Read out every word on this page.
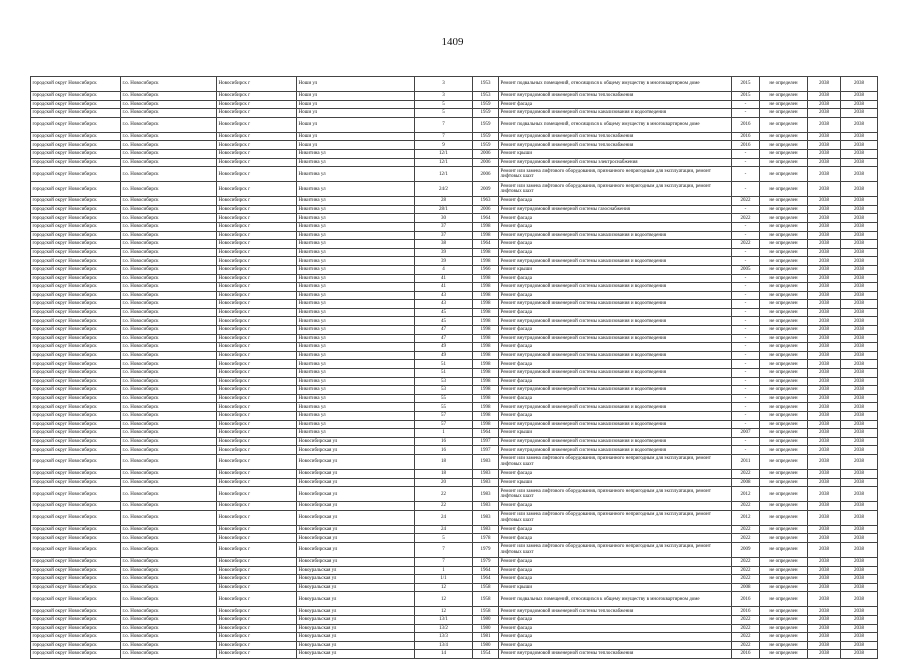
1409
городской округ Новосибирск	г.о. Новосибирск	Новосибирск г	Ноши ул	3	1953	Ремонт подвальных помещений, относящихся к общему имуществу в многоквартирном доме	2015	не определен	2038	2038
городской округ Новосибирск	г.о. Новосибирск	Новосибирск г	Ноши ул	3	1953	Ремонт внутридомовой инженерной системы теплоснабжения	2015	не определен	2038	2038
городской округ Новосибирск	г.о. Новосибирск	Новосибирск г	Ноши ул	5	1959	Ремонт фасада	-	не определен	2038	2038
городской округ Новосибирск	г.о. Новосибирск	Новосибирск г	Ноши ул	5	1959	Ремонт внутридомовой инженерной системы канализования и водоотведения	-	не определен	2038	2038
городской округ Новосибирск	г.о. Новосибирск	Новосибирск г	Ноши ул	7	1959	Ремонт подвальных помещений, относящихся к общему имуществу в многоквартирном доме	2016	не определен	2038	2038
городской округ Новосибирск	г.о. Новосибирск	Новосибирск г	Ноши ул	7	1959	Ремонт внутридомовой инженерной системы теплоснабжения	2016	не определен	2038	2038
городской округ Новосибирск	г.о. Новосибирск	Новосибирск г	Ноши ул	9	1959	Ремонт внутридомовой инженерной системы теплоснабжения	2016	не определен	2038	2038
городской округ Новосибирск	г.о. Новосибирск	Новосибирск г	Никитина ул	12/1	2006	Ремонт крыши	-	не определен	2038	2038
городской округ Новосибирск	г.о. Новосибирск	Новосибирск г	Никитина ул	12/1	2006	Ремонт внутридомовой инженерной системы электроснабжения	-	не определен	2038	2038
городской округ Новосибирск	г.о. Новосибирск	Новосибирск г	Никитина ул	12/1	2006	Ремонт или замена лифтового оборудования, признанного непригодным для эксплуатации, ремонт лифтовых шахт	-	не определен	2038	2038
городской округ Новосибирск	г.о. Новосибирск	Новосибирск г	Никитина ул	24/2	2009	Ремонт или замена лифтового оборудования, признанного непригодным для эксплуатации, ремонт лифтовых шахт	-	не определен	2038	2038
городской округ Новосибирск	г.о. Новосибирск	Новосибирск г	Никитина ул	28	1963	Ремонт фасада	2022	не определен	2038	2038
городской округ Новосибирск	г.о. Новосибирск	Новосибирск г	Никитина ул	28/1	2006	Ремонт внутридомовой инженерной системы газоснабжения	-	не определен	2038	2038
городской округ Новосибирск	г.о. Новосибирск	Новосибирск г	Никитина ул	30	1964	Ремонт фасада	2022	не определен	2038	2038
городской округ Новосибирск	г.о. Новосибирск	Новосибирск г	Никитина ул	37	1998	Ремонт фасада	-	не определен	2038	2038
городской округ Новосибирск	г.о. Новосибирск	Новосибирск г	Никитина ул	37	1998	Ремонт внутридомовой инженерной системы канализования и водоотведения	-	не определен	2038	2038
городской округ Новосибирск	г.о. Новосибирск	Новосибирск г	Никитина ул	38	1964	Ремонт фасада	2022	не определен	2038	2038
городской округ Новосибирск	г.о. Новосибирск	Новосибирск г	Никитина ул	39	1998	Ремонт фасада	-	не определен	2038	2038
городской округ Новосибирск	г.о. Новосибирск	Новосибирск г	Никитина ул	39	1998	Ремонт внутридомовой инженерной системы канализования и водоотведения	-	не определен	2038	2038
городской округ Новосибирск	г.о. Новосибирск	Новосибирск г	Никитина ул	4	1966	Ремонт крыши	2005	не определен	2038	2038
городской округ Новосибирск	г.о. Новосибирск	Новосибирск г	Никитина ул	41	1998	Ремонт фасада	-	не определен	2038	2038
городской округ Новосибирск	г.о. Новосибирск	Новосибирск г	Никитина ул	41	1998	Ремонт внутридомовой инженерной системы канализования и водоотведения	-	не определен	2038	2038
городской округ Новосибирск	г.о. Новосибирск	Новосибирск г	Никитина ул	43	1998	Ремонт фасада	-	не определен	2038	2038
городской округ Новосибирск	г.о. Новосибирск	Новосибирск г	Никитина ул	43	1998	Ремонт внутридомовой инженерной системы канализования и водоотведения	-	не определен	2038	2038
городской округ Новосибирск	г.о. Новосибирск	Новосибирск г	Никитина ул	45	1998	Ремонт фасада	-	не определен	2038	2038
городской округ Новосибирск	г.о. Новосибирск	Новосибирск г	Никитина ул	45	1998	Ремонт внутридомовой инженерной системы канализования и водоотведения	-	не определен	2038	2038
городской округ Новосибирск	г.о. Новосибирск	Новосибирск г	Никитина ул	47	1998	Ремонт фасада	-	не определен	2038	2038
городской округ Новосибирск	г.о. Новосибирск	Новосибирск г	Никитина ул	47	1998	Ремонт внутридомовой инженерной системы канализования и водоотведения	-	не определен	2038	2038
городской округ Новосибирск	г.о. Новосибирск	Новосибирск г	Никитина ул	49	1998	Ремонт фасада	-	не определен	2038	2038
городской округ Новосибирск	г.о. Новосибирск	Новосибирск г	Никитина ул	49	1998	Ремонт внутридомовой инженерной системы канализования и водоотведения	-	не определен	2038	2038
городской округ Новосибирск	г.о. Новосибирск	Новосибирск г	Никитина ул	51	1998	Ремонт фасада	-	не определен	2038	2038
городской округ Новосибирск	г.о. Новосибирск	Новосибирск г	Никитина ул	51	1998	Ремонт внутридомовой инженерной системы канализования и водоотведения	-	не определен	2038	2038
городской округ Новосибирск	г.о. Новосибирск	Новосибирск г	Никитина ул	53	1998	Ремонт фасада	-	не определен	2038	2038
городской округ Новосибирск	г.о. Новосибирск	Новосибирск г	Никитина ул	53	1998	Ремонт внутридомовой инженерной системы канализования и водоотведения	-	не определен	2038	2038
городской округ Новосибирск	г.о. Новосибирск	Новосибирск г	Никитина ул	55	1998	Ремонт фасада	-	не определен	2038	2038
городской округ Новосибирск	г.о. Новосибирск	Новосибирск г	Никитина ул	55	1998	Ремонт внутридомовой инженерной системы канализования и водоотведения	-	не определен	2038	2038
городской округ Новосибирск	г.о. Новосибирск	Новосибирск г	Никитина ул	57	1998	Ремонт фасада	-	не определен	2038	2038
городской округ Новосибирск	г.о. Новосибирск	Новосибирск г	Никитина ул	57	1998	Ремонт внутридомовой инженерной системы канализования и водоотведения	-	не определен	2038	2038
городской округ Новосибирск	г.о. Новосибирск	Новосибирск г	Никитина ул	1	1964	Ремонт крыши	2007	не определен	2038	2038
городской округ Новосибирск	г.о. Новосибирск	Новосибирск г	Новосибирская ул	16	1997	Ремонт внутридомовой инженерной системы канализования и водоотведения	-	не определен	2038	2038
городской округ Новосибирск	г.о. Новосибирск	Новосибирск г	Новосибирская ул	16	1997	Ремонт внутридомовой инженерной системы канализования и водоотведения	-	не определен	2038	2038
городской округ Новосибирск	г.о. Новосибирск	Новосибирск г	Новосибирская ул	18	1983	Ремонт или замена лифтового оборудования, признанного непригодным для эксплуатации, ремонт лифтовых шахт	2011	не определен	2038	2038
городской округ Новосибирск	г.о. Новосибирск	Новосибирск г	Новосибирская ул	18	1983	Ремонт фасада	2022	не определен	2038	2038
городской округ Новосибирск	г.о. Новосибирск	Новосибирск г	Новосибирская ул	20	1983	Ремонт крыши	2008	не определен	2038	2038
городской округ Новосибирск	г.о. Новосибирск	Новосибирск г	Новосибирская ул	22	1983	Ремонт или замена лифтового оборудования, признанного непригодным для эксплуатации, ремонт лифтовых шахт	2012	не определен	2038	2038
городской округ Новосибирск	г.о. Новосибирск	Новосибирск г	Новосибирская ул	22	1983	Ремонт фасада	2022	не определен	2038	2038
городской округ Новосибирск	г.о. Новосибирск	Новосибирск г	Новосибирская ул	24	1983	Ремонт или замена лифтового оборудования, признанного непригодным для эксплуатации, ремонт лифтовых шахт	2012	не определен	2038	2038
городской округ Новосибирск	г.о. Новосибирск	Новосибирск г	Новосибирская ул	24	1983	Ремонт фасада	2022	не определен	2038	2038
городской округ Новосибирск	г.о. Новосибирск	Новосибирск г	Новосибирская ул	5	1978	Ремонт фасада	2022	не определен	2038	2038
городской округ Новосибирск	г.о. Новосибирск	Новосибирск г	Новосибирская ул	7	1979	Ремонт или замена лифтового оборудования, признанного непригодным для эксплуатации, ремонт лифтовых шахт	2009	не определен	2038	2038
городской округ Новосибирск	г.о. Новосибирск	Новосибирск г	Новосибирская ул	7	1979	Ремонт фасада	2022	не определен	2038	2038
городской округ Новосибирск	г.о. Новосибирск	Новосибирск г	Новоуральская ул	1	1964	Ремонт фасада	2022	не определен	2038	2038
городской округ Новосибирск	г.о. Новосибирск	Новосибирск г	Новоуральская ул	1/1	1964	Ремонт фасада	2022	не определен	2038	2038
городской округ Новосибирск	г.о. Новосибирск	Новосибирск г	Новоуральская ул	12	1958	Ремонт крыши	2008	не определен	2038	2038
городской округ Новосибирск	г.о. Новосибирск	Новосибирск г	Новоуральская ул	12	1958	Ремонт подвальных помещений, относящихся к общему имуществу в многоквартирном доме	2016	не определен	2038	2038
городской округ Новосибирск	г.о. Новосибирск	Новосибирск г	Новоуральская ул	12	1958	Ремонт внутридомовой инженерной системы теплоснабжения	2016	не определен	2038	2038
городской округ Новосибирск	г.о. Новосибирск	Новосибирск г	Новоуральская ул	13/1	1980	Ремонт фасада	2022	не определен	2038	2038
городской округ Новосибирск	г.о. Новосибирск	Новосибирск г	Новоуральская ул	13/2	1980	Ремонт фасада	2022	не определен	2038	2038
городской округ Новосибирск	г.о. Новосибирск	Новосибирск г	Новоуральская ул	13/3	1981	Ремонт фасада	2022	не определен	2038	2038
городской округ Новосибирск	г.о. Новосибирск	Новосибирск г	Новоуральская ул	13/4	1980	Ремонт фасада	2022	не определен	2038	2038
городской округ Новосибирск	г.о. Новосибирск	Новосибирск г	Новоуральская ул	14	1954	Ремонт внутридомовой инженерной системы теплоснабжения	2016	не определен	2038	2038
